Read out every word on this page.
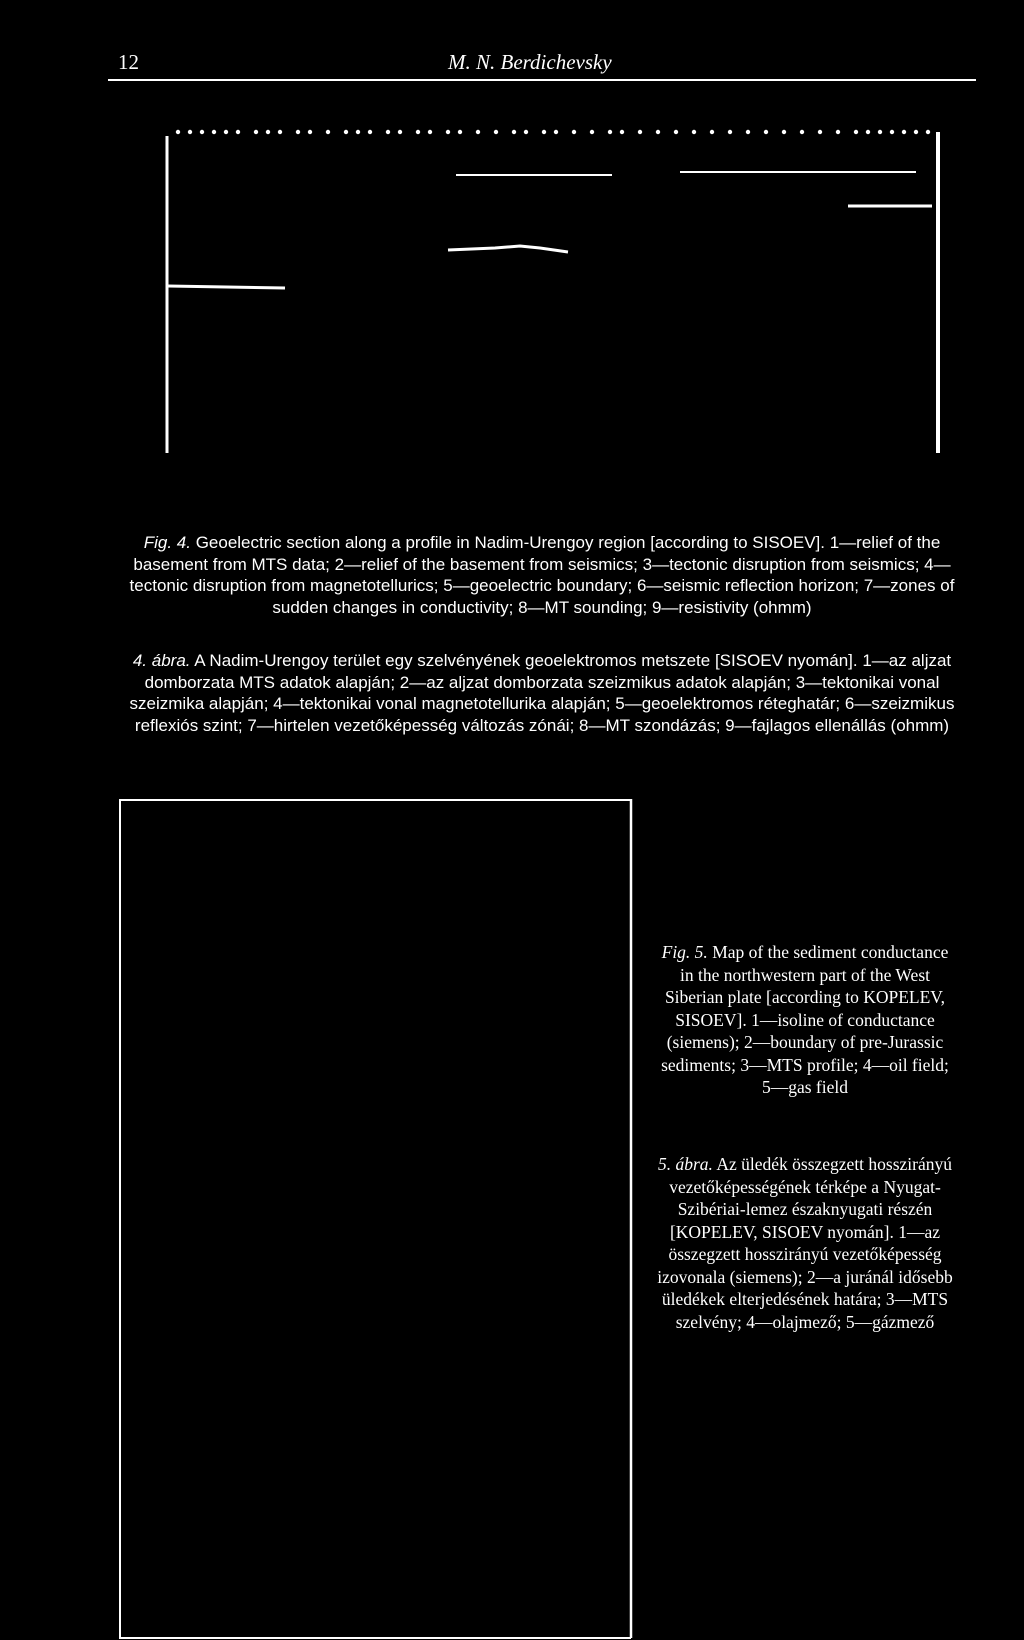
12	M. N. Berdichevsky
Fig. 4. Geoelectric section along a profile in Nadim-Urengoy region [according to SISOEV]. 1—relief of the basement from MTS data; 2—relief of the basement from seismics; 3—tectonic disruption from seismics; 4—tectonic disruption from magnetotellurics; 5—geoelectric boundary; 6—seismic reflection horizon; 7—zones of sudden changes in conductivity; 8—MT sounding; 9—resistivity (ohmm)
4. ábra. A Nadim-Urengoy terület egy szelvényének geoelektromos metszete [SISOEV nyomán]. 1—az aljzat domborzata MTS adatok alapján; 2—az aljzat domborzata szeizmikus adatok alapján; 3—tektonikai vonal szeizmika alapján; 4—tektonikai vonal magnetotellurika alapján; 5—geoelektromos réteghatár; 6—szeizmikus reflexiós szint; 7—hirtelen vezetőképesség változás zónái; 8—MT szondázás; 9—fajlagos ellenállás (ohmm)
Fig. 5. Map of the sediment conductance in the northwestern part of the West Siberian plate [according to KOPELEV, SISOEV]. 1—isoline of conductance (siemens); 2—boundary of pre-Jurassic sediments; 3—MTS profile; 4—oil field; 5—gas field
5. ábra. Az üledék összegzett hosszirányú vezetőképességének térképe a Nyugat-Szibériai-lemez északnyugati részén [KOPELEV, SISOEV nyomán]. 1—az összegzett hosszirányú vezetőképesség izovonala (siemens); 2—a juránál idősebb üledékek elterjedésének határa; 3—MTS szelvény; 4—olajmező; 5—gázmező
